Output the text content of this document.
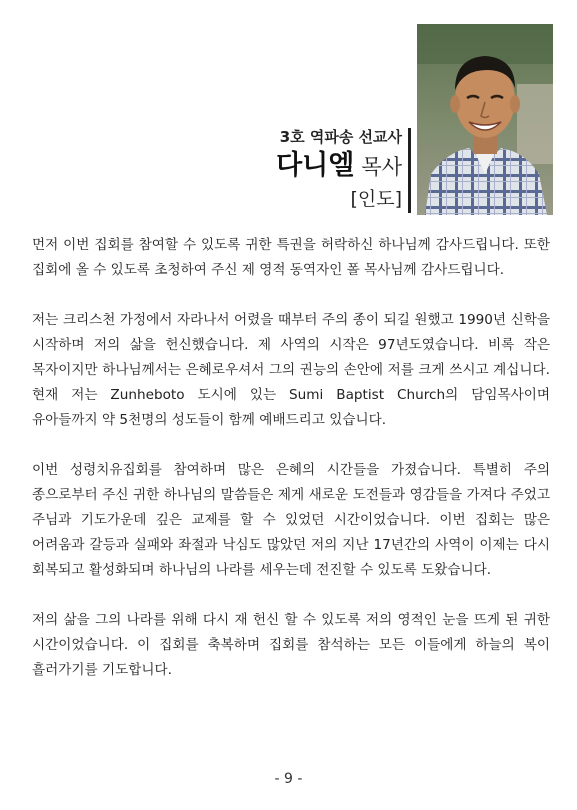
3호 역파송 선교사
다니엘 목사
[인도]

먼저 이번 집회를 참여할 수 있도록 귀한 특권을 허락하신 하나님께 감사드립니다. 또한 집회에 올 수 있도록 초청하여 주신 제 영적 동역자인 폴 목사님께 감사드립니다.

저는 크리스천 가정에서 자라나서 어렸을 때부터 주의 종이 되길 원했고 1990년 신학을 시작하며 저의 삶을 헌신했습니다. 제 사역의 시작은 97년도였습니다. 비록 작은 목자이지만 하나님께서는 은혜로우셔서 그의 권능의 손안에 저를 크게 쓰시고 계십니다. 현재 저는 Zunheboto 도시에 있는 Sumi Baptist Church의 담임목사이며 유아들까지 약 5천명의 성도들이 함께 예배드리고 있습니다.

이번 성령치유집회를 참여하며 많은 은혜의 시간들을 가졌습니다. 특별히 주의 종으로부터 주신 귀한 하나님의 말씀들은 제게 새로운 도전들과 영감들을 가져다 주었고 주님과 기도가운데 깊은 교제를 할 수 있었던 시간이었습니다. 이번 집회는 많은 어려움과 갈등과 실패와 좌절과 낙심도 많았던 저의 지난 17년간의 사역이 이제는 다시 회복되고 활성화되며 하나님의 나라를 세우는데 전진할 수 있도록 도왔습니다.

저의 삶을 그의 나라를 위해 다시 재 헌신 할 수 있도록 저의 영적인 눈을 뜨게 된 귀한 시간이었습니다. 이 집회를 축복하며 집회를 참석하는 모든 이들에게 하늘의 복이 흘러가기를 기도합니다.

- 9 -
